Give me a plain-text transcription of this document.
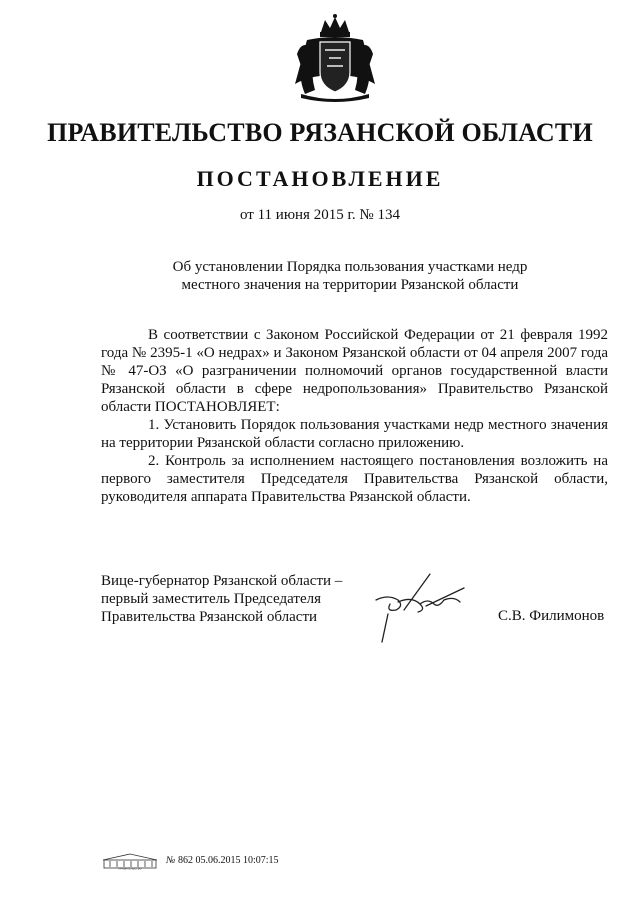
ПРАВИТЕЛЬСТВО РЯЗАНСКОЙ ОБЛАСТИ
ПОСТАНОВЛЕНИЕ
от 11 июня 2015 г. № 134
Об установлении Порядка пользования участками недр
местного значения на территории Рязанской области

В соответствии с Законом Российской Федерации от 21 февраля 1992 года № 2395-1 «О недрах» и Законом Рязанской области от 04 апреля 2007 года № 47-ОЗ «О разграничении полномочий органов государственной власти Рязанской области в сфере недропользования» Правительство Рязанской области ПОСТАНОВЛЯЕТ:

1. Установить Порядок пользования участками недр местного значения на территории Рязанской области согласно приложению.

2. Контроль за исполнением настоящего постановления возложить на первого заместителя Председателя Правительства Рязанской области, руководителя аппарата Правительства Рязанской области.

Вице-губернатор Рязанской области –
первый заместитель Председателя
Правительства Рязанской области	С.В. Филимонов
ПРАВИТЕЛЬСТВО
№ 862 05.06.2015 10:07:15
